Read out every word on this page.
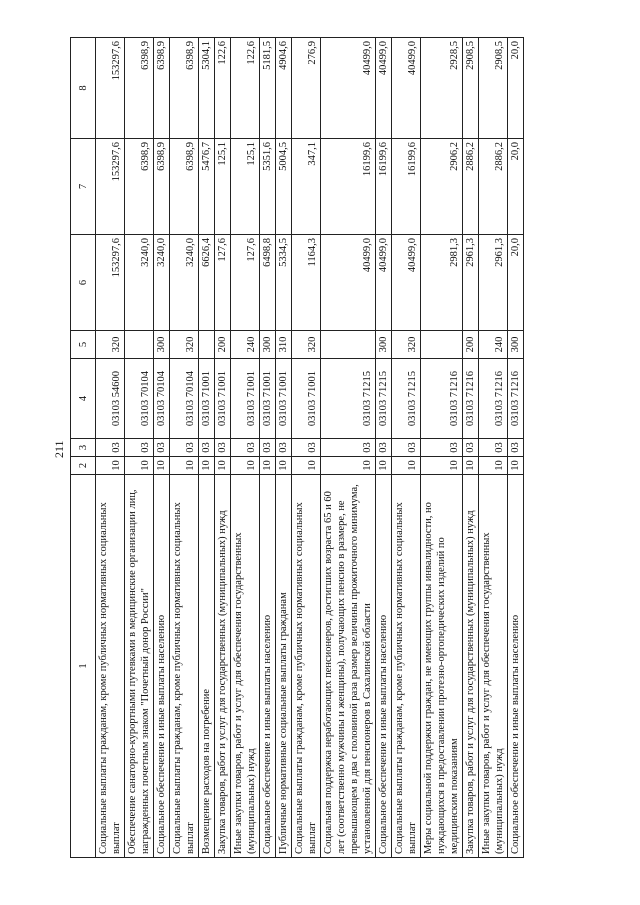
211
1	2	3	4	5	6	7	8
Социальные выплаты гражданам, кроме публичных нормативных социальных выплат	10	03	03103 54600	320	153297,6	153297,6	153297,6
Обеспечение санаторно-курортными путевками в медицинские организации лиц, награжденных почетным знаком "Почетный донор России"	10	03	03103 70104		3240,0	6398,9	6398,9
Социальное обеспечение и иные выплаты населению	10	03	03103 70104	300	3240,0	6398,9	6398,9
Социальные выплаты гражданам, кроме публичных нормативных социальных выплат	10	03	03103 70104	320	3240,0	6398,9	6398,9
Возмещение расходов на погребение	10	03	03103 71001		6626,4	5476,7	5304,1
Закупка товаров, работ и услуг для государственных (муниципальных) нужд	10	03	03103 71001	200	127,6	125,1	122,6
Иные закупки товаров, работ и услуг для обеспечения государственных (муниципальных) нужд	10	03	03103 71001	240	127,6	125,1	122,6
Социальное обеспечение и иные выплаты населению	10	03	03103 71001	300	6498,8	5351,6	5181,5
Публичные нормативные социальные выплаты гражданам	10	03	03103 71001	310	5334,5	5004,5	4904,6
Социальные выплаты гражданам, кроме публичных нормативных социальных выплат	10	03	03103 71001	320	1164,3	347,1	276,9
Социальная поддержка неработающих пенсионеров, достигших возраста 65 и 60 лет (соответственно мужчины и женщины), получающих пенсию в размере, не превышающем в два с половиной раза размер величины прожиточного минимума, установленной для пенсионеров в Сахалинской области	10	03	03103 71215		40499,0	16199,6	40499,0
Социальное обеспечение и иные выплаты населению	10	03	03103 71215	300	40499,0	16199,6	40499,0
Социальные выплаты гражданам, кроме публичных нормативных социальных выплат	10	03	03103 71215	320	40499,0	16199,6	40499,0
Меры социальной поддержки граждан, не имеющих группы инвалидности, но нуждающихся в предоставлении протезно-ортопедических изделий по медицинским показаниям	10	03	03103 71216		2981,3	2906,2	2928,5
Закупка товаров, работ и услуг для государственных (муниципальных) нужд	10	03	03103 71216	200	2961,3	2886,2	2908,5
Иные закупки товаров, работ и услуг для обеспечения государственных (муниципальных) нужд	10	03	03103 71216	240	2961,3	2886,2	2908,5
Социальное обеспечение и иные выплаты населению	10	03	03103 71216	300	20,0	20,0	20,0
